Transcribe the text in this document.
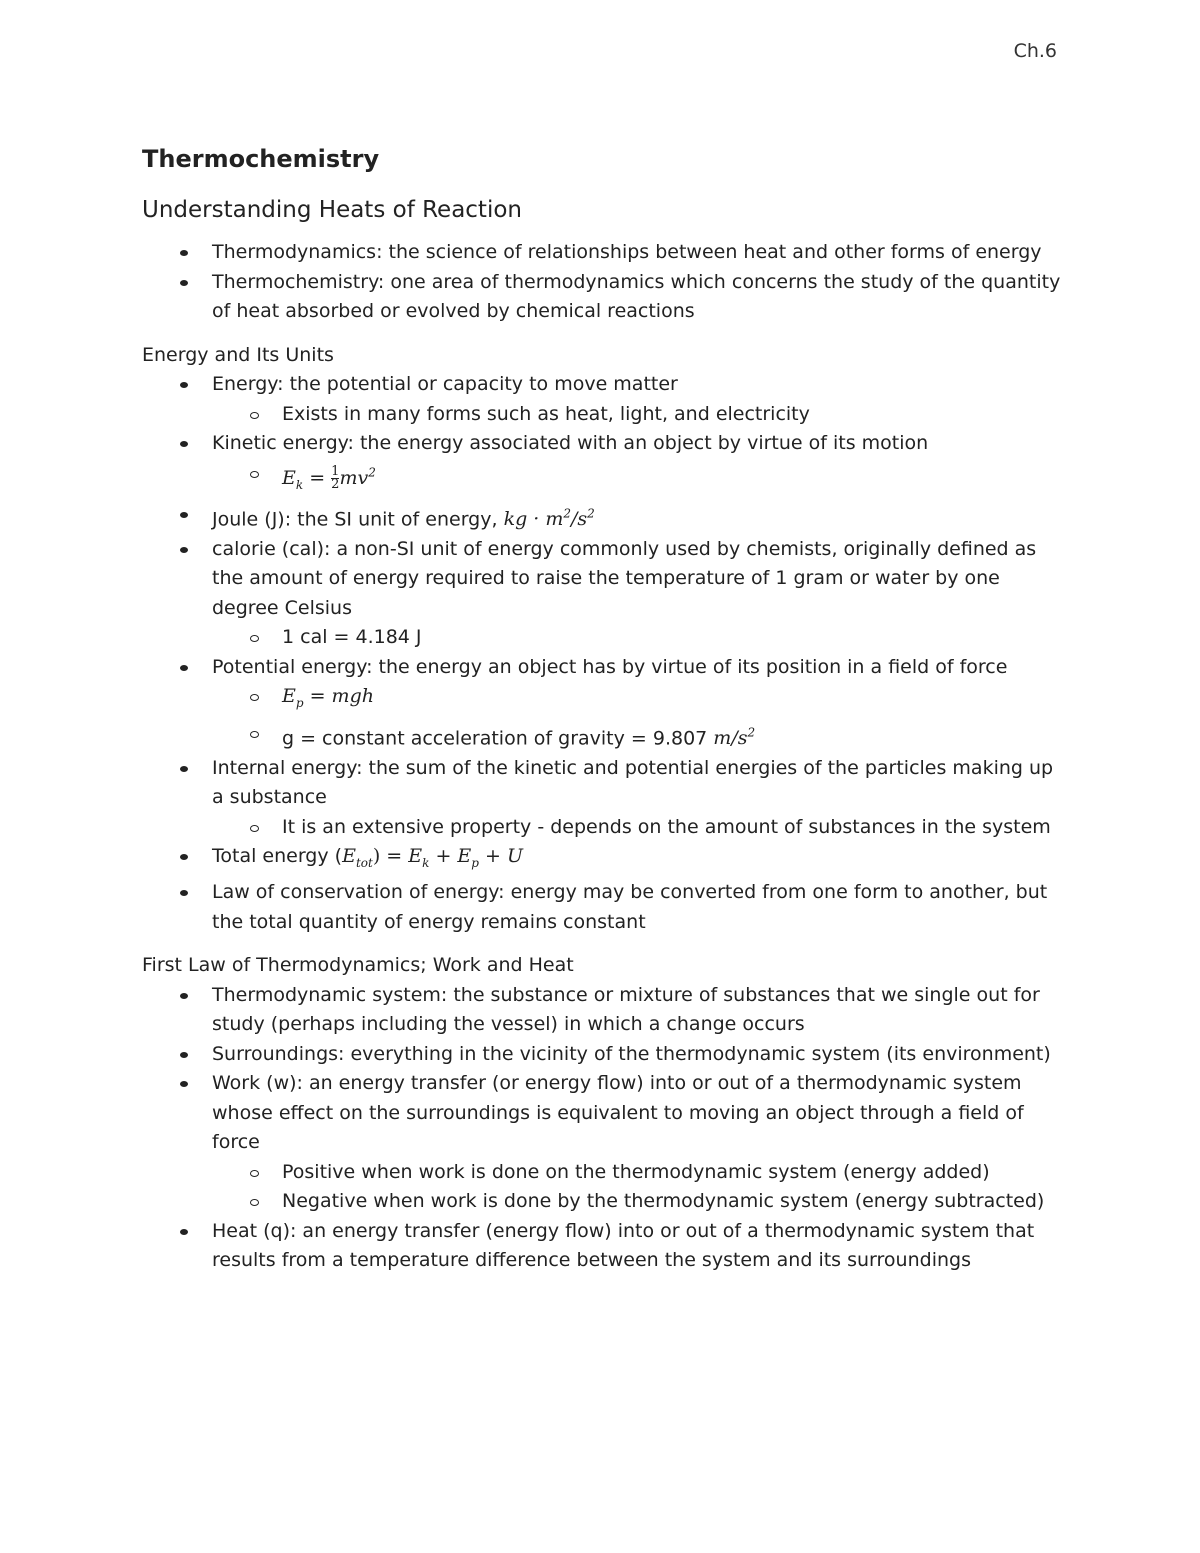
Ch.6
Thermochemistry
Understanding Heats of Reaction
Thermodynamics: the science of relationships between heat and other forms of energy
Thermochemistry: one area of thermodynamics which concerns the study of the quantity of heat absorbed or evolved by chemical reactions
Energy and Its Units
Energy: the potential or capacity to move matter
Exists in many forms such as heat, light, and electricity
Kinetic energy: the energy associated with an object by virtue of its motion
$E_k = \frac{1}{2} mv^2$
Joule (J): the SI unit of energy, kg · $m^2/s^2$
calorie (cal): a non-SI unit of energy commonly used by chemists, originally defined as the amount of energy required to raise the temperature of 1 gram or water by one degree Celsius
1 cal = 4.184 J
Potential energy: the energy an object has by virtue of its position in a field of force
$E_p$ = mgh
g = constant acceleration of gravity = 9.807 $m/s^2$
Internal energy: the sum of the kinetic and potential energies of the particles making up a substance
It is an extensive property - depends on the amount of substances in the system
Total energy $(E_{tot}) = E_k + E_p + U$
Law of conservation of energy: energy may be converted from one form to another, but the total quantity of energy remains constant
First Law of Thermodynamics; Work and Heat
Thermodynamic system: the substance or mixture of substances that we single out for study (perhaps including the vessel) in which a change occurs
Surroundings: everything in the vicinity of the thermodynamic system (its environment)
Work (w): an energy transfer (or energy flow) into or out of a thermodynamic system whose effect on the surroundings is equivalent to moving an object through a field of force
Positive when work is done on the thermodynamic system (energy added)
Negative when work is done by the thermodynamic system (energy subtracted)
Heat (q): an energy transfer (energy flow) into or out of a thermodynamic system that results from a temperature difference between the system and its surroundings
